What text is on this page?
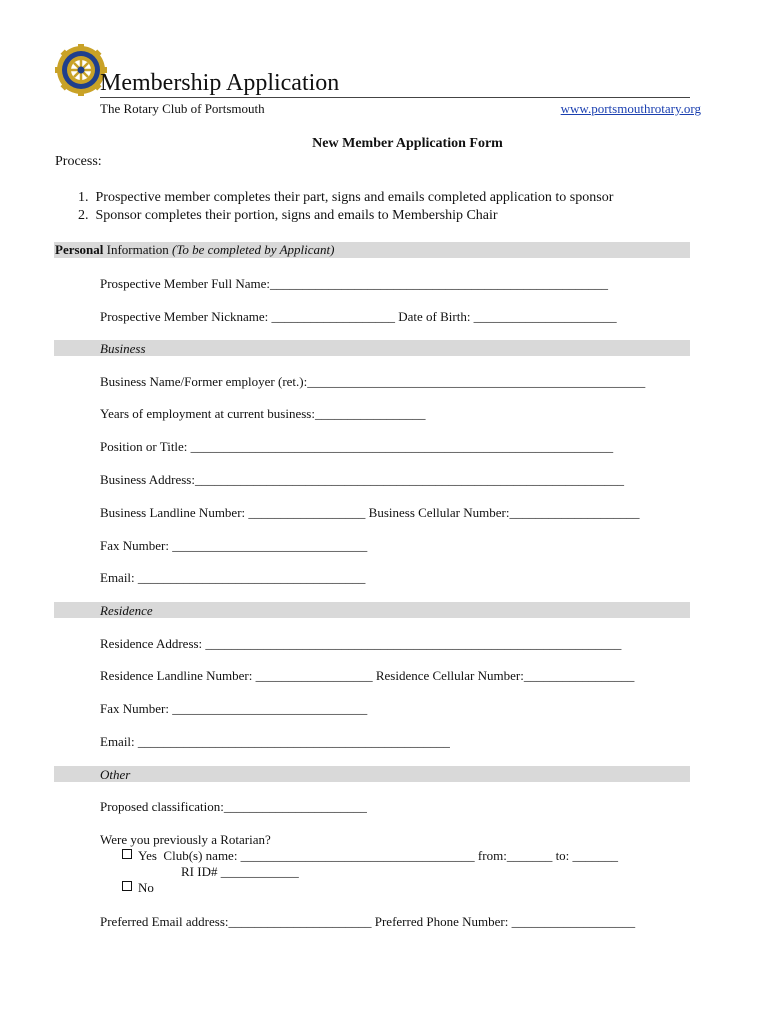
Membership Application
The Rotary Club of Portsmouth	www.portsmouthrotary.org
New Member Application Form
Process:
1. Prospective member completes their part, signs and emails completed application to sponsor
2. Sponsor completes their portion, signs and emails to Membership Chair
Personal Information (To be completed by Applicant)
Prospective Member Full Name:____________________________________________________
Prospective Member Nickname: ___________________ Date of Birth: ______________________
Business
Business Name/Former employer (ret.):____________________________________________________
Years of employment at current business:_________________
Position or Title: _________________________________________________________________
Business Address:__________________________________________________________________
Business Landline Number: __________________ Business Cellular Number:____________________
Fax Number: ______________________________
Email: ___________________________________
Residence
Residence Address: ________________________________________________________________
Residence Landline Number: __________________ Residence Cellular Number:_________________
Fax Number: ______________________________
Email: ________________________________________________
Other
Proposed classification:______________________
Were you previously a Rotarian?
Yes Club(s) name: ____________________________________ from:_______ to: _______
RI ID# ____________
No
Preferred Email address:______________________ Preferred Phone Number: ___________________
